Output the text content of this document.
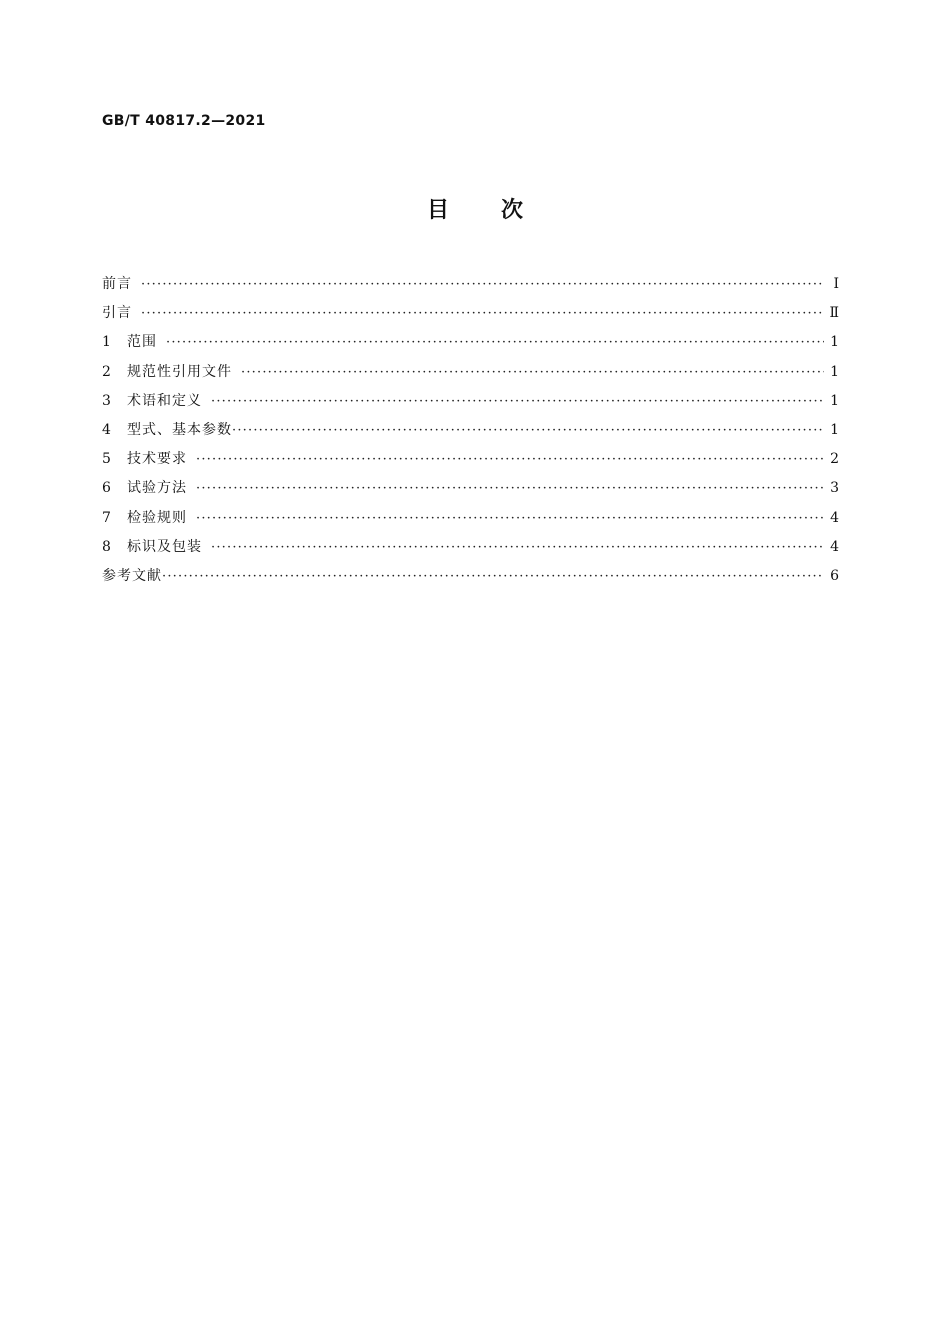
GB/T 40817.2—2021
目次
前言 ·····	Ⅰ
引言 ·····	Ⅱ
1	范围 ·····	1
2	规范性引用文件 ·····	1
3	术语和定义 ·····	1
4	型式、基本参数 ·····	1
5	技术要求 ·····	2
6	试验方法 ·····	3
7	检验规则 ·····	4
8	标识及包装 ·····	4
参考文献 ·····	6
